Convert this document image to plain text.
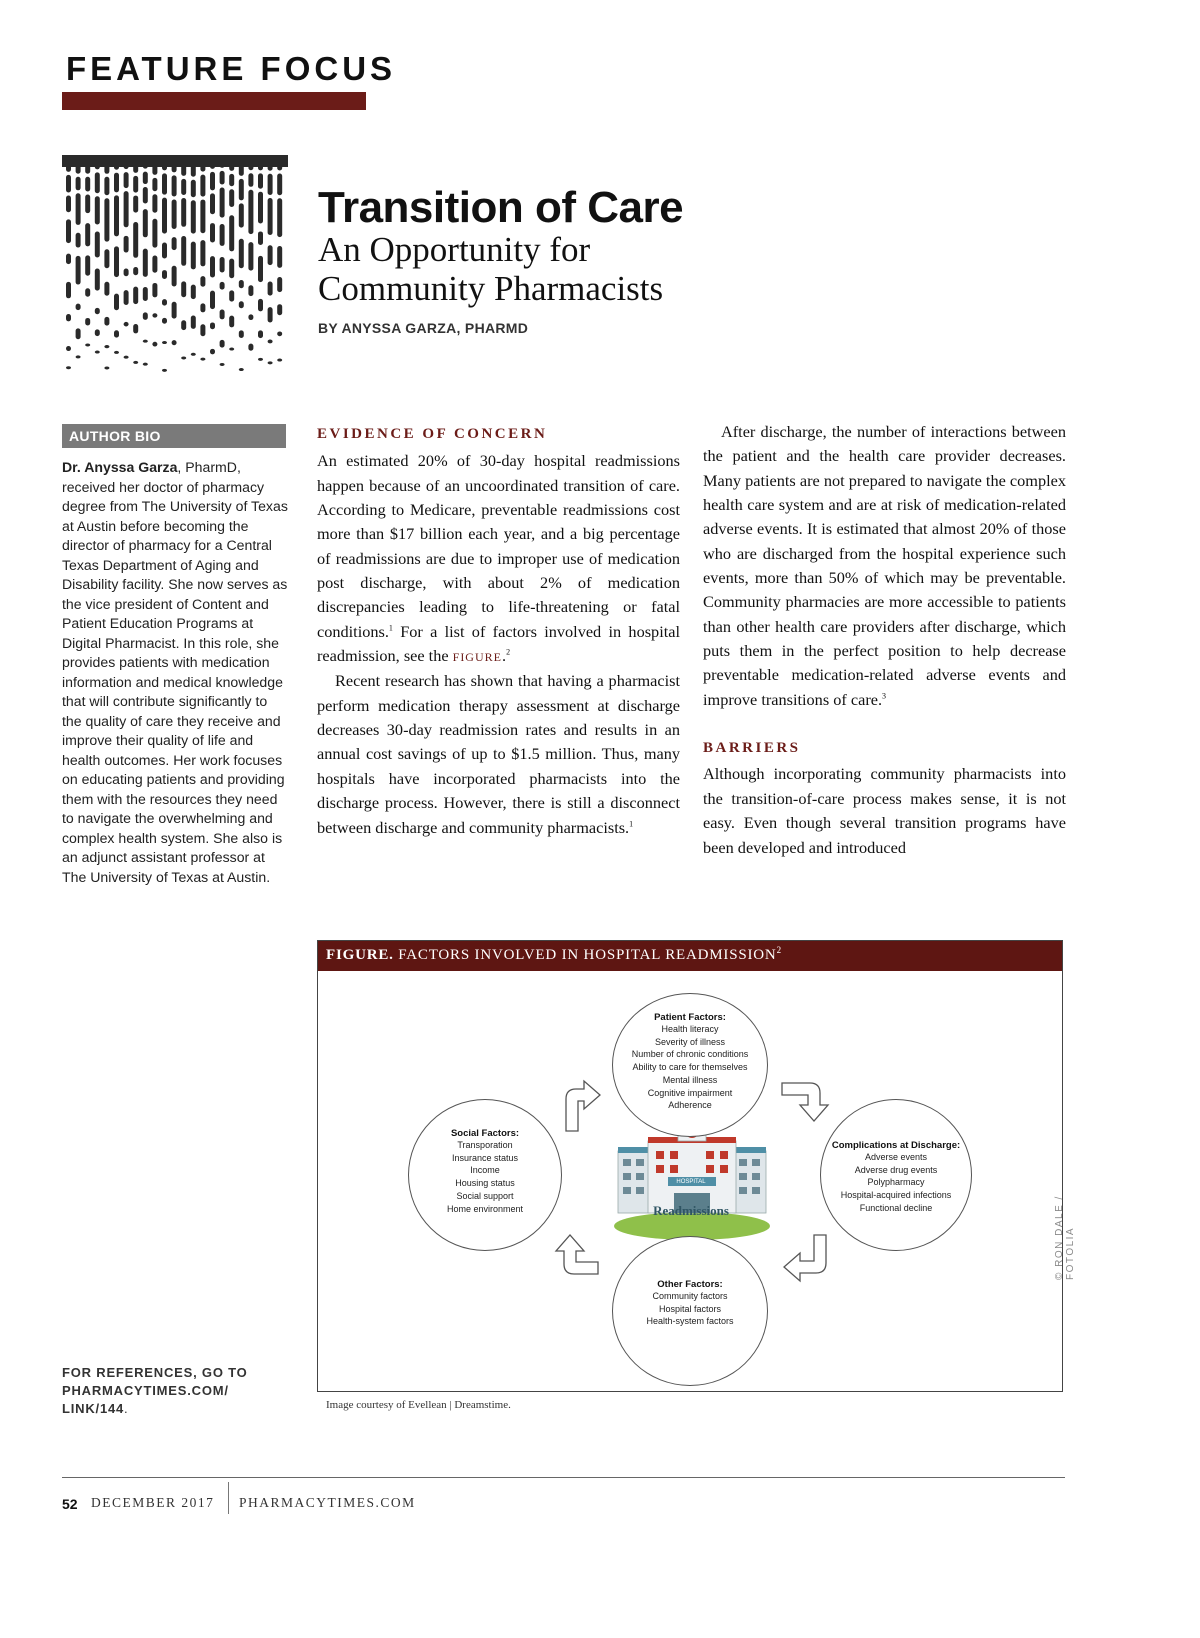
FEATURE FOCUS
Transition of Care
An Opportunity for
Community Pharmacists
BY ANYSSA GARZA, PHARMD
AUTHOR BIO
Dr. Anyssa Garza, PharmD, received her doctor of pharmacy degree from The University of Texas at Austin before becoming the director of pharmacy for a Central Texas Department of Aging and Disability facility. She now serves as the vice president of Content and Patient Education Programs at Digital Pharmacist. In this role, she provides patients with medication information and medical knowledge that will contribute significantly to the quality of care they receive and improve their quality of life and health outcomes. Her work focuses on educating patients and providing them with the resources they need to navigate the overwhelming and complex health system. She also is an adjunct assistant professor at The University of Texas at Austin.
FOR REFERENCES, GO TO
PHARMACYTIMES.COM/
LINK/144.
EVIDENCE OF CONCERN

An estimated 20% of 30-day hospital readmissions happen because of an uncoordinated transition of care. According to Medicare, preventable readmissions cost more than $17 billion each year, and a big percentage of readmissions are due to improper use of medication post discharge, with about 2% of medication discrepancies leading to life-threatening or fatal conditions.$^1$ For a list of factors involved in hospital readmission, see the FIGURE.$^2$

Recent research has shown that having a pharmacist perform medication therapy assessment at discharge decreases 30-day readmission rates and results in an annual cost savings of up to $1.5 million. Thus, many hospitals have incorporated pharmacists into the discharge process. However, there is still a disconnect between discharge and community pharmacists.$^1$

After discharge, the number of interactions between the patient and the health care provider decreases. Many patients are not prepared to navigate the complex health care system and are at risk of medication-related adverse events. It is estimated that almost 20% of those who are discharged from the hospital experience such events, more than 50% of which may be preventable. Community pharmacies are more accessible to patients than other health care providers after discharge, which puts them in the perfect position to help decrease preventable medication-related adverse events and improve transitions of care.$^3$

BARRIERS

Although incorporating community pharmacists into the transition-of-care process makes sense, it is not easy. Even though several transition programs have been developed and introduced

FIGURE. FACTORS INVOLVED IN HOSPITAL READMISSION$^2$
HOSPITAL
Readmissions
Patient Factors:
Health literacy
Severity of illness
Number of chronic conditions
Ability to care for themselves
Mental illness
Cognitive impairment
Adherence
Social Factors:
Transporation
Insurance status
Income
Housing status
Social support
Home environment
Complications at Discharge:
Adverse events
Adverse drug events
Polypharmacy
Hospital-acquired infections
Functional decline
Other Factors:
Community factors
Hospital factors
Health-system factors
Image courtesy of Evellean | Dreamstime.
© RON DALE / FOTOLIA
52 DECEMBER 2017 PHARMACYTIMES.COM
